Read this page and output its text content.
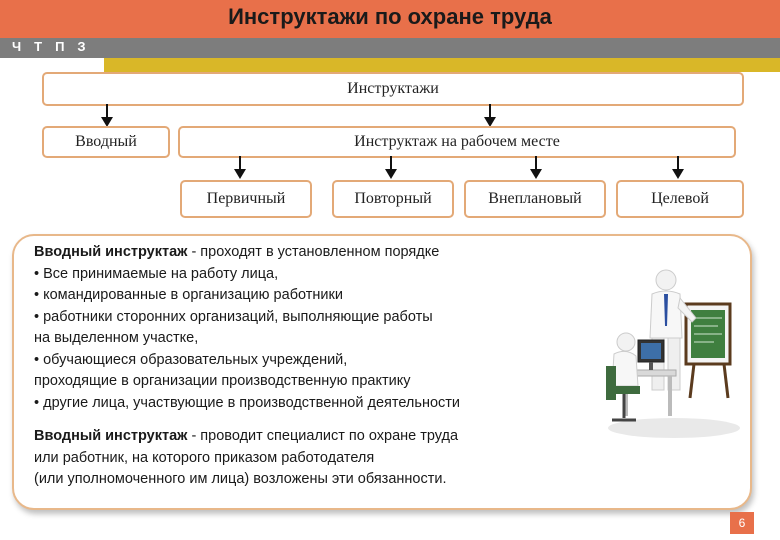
Инструктажи по охране труда
ЧТПЗ
Инструктажи
Вводный	Инструктаж на рабочем месте
Первичный	Повторный	Внеплановый	Целевой
Вводный инструктаж - проходят в установленном порядке
• Все принимаемые на работу лица,
• командированные в организацию работники
• работники сторонних организаций, выполняющие работы
на выделенном участке,
• обучающиеся образовательных учреждений,
проходящие в организации производственную практику
• другие лица, участвующие в производственной деятельности
Вводный инструктаж - проводит специалист по охране труда
или работник, на которого приказом работодателя
(или уполномоченного им лица) возложены эти обязанности.
6
